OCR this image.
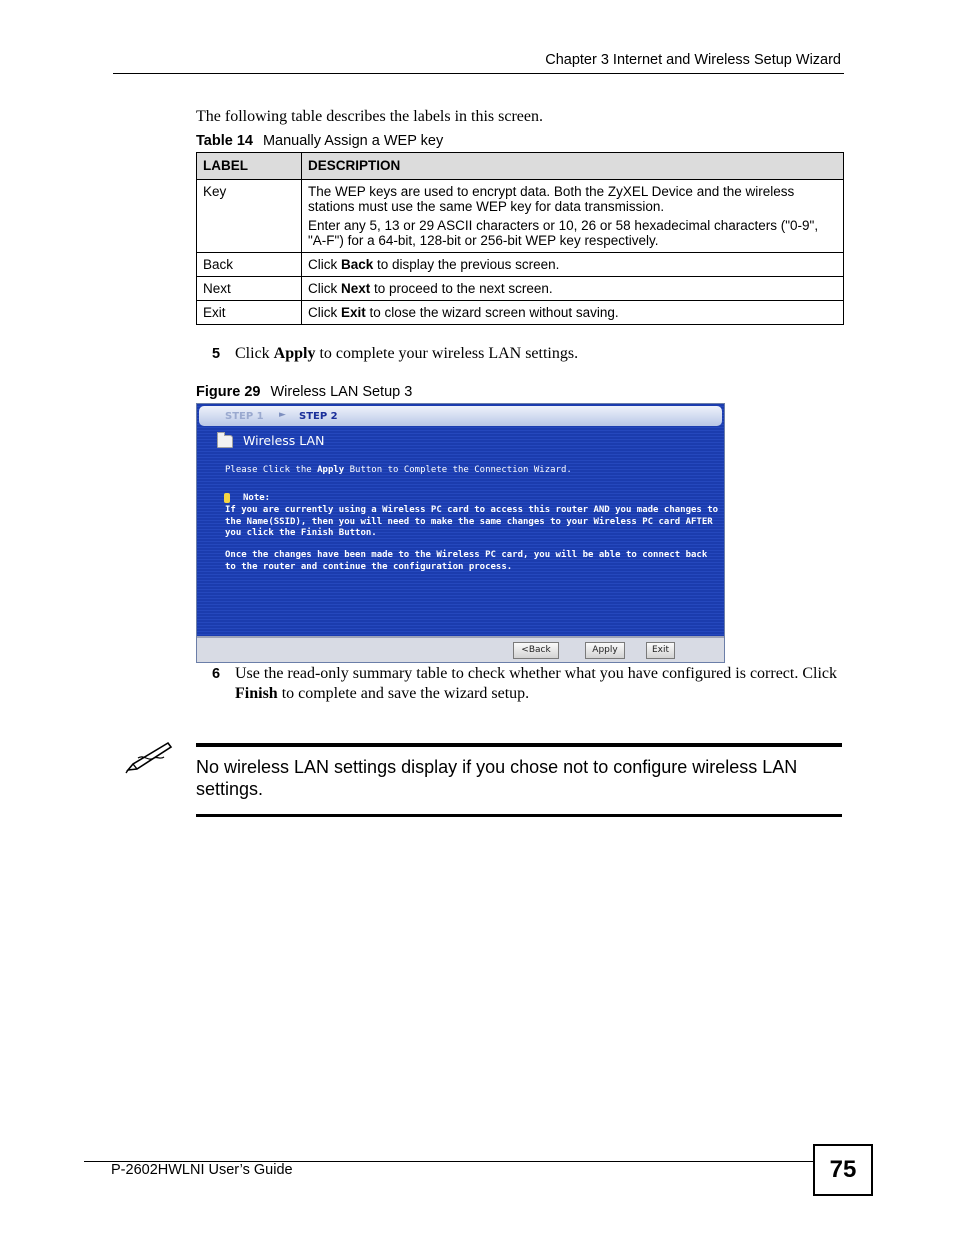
Chapter 3 Internet and Wireless Setup Wizard
The following table describes the labels in this screen.
Table 14 Manually Assign a WEP key
LABEL	DESCRIPTION
Key	The WEP keys are used to encrypt data. Both the ZyXEL Device and the wireless stations must use the same WEP key for data transmission.

Enter any 5, 13 or 29 ASCII characters or 10, 26 or 58 hexadecimal characters ("0-9", "A-F") for a 64-bit, 128-bit or 256-bit WEP key respectively.

Back	Click Back to display the previous screen.
Next	Click Next to proceed to the next screen.
Exit	Click Exit to close the wizard screen without saving.
5 Click Apply to complete your wireless LAN settings.
Figure 29 Wireless LAN Setup 3
STEP 1 ► STEP 2
Wireless LAN
Please Click the Apply Button to Complete the Connection Wizard.
Note:
If you are currently using a Wireless PC card to access this router AND you made changes to the Name(SSID), then you will need to make the same changes to your Wireless PC card AFTER you click the Finish Button.
Once the changes have been made to the Wireless PC card, you will be able to connect back to the router and continue the configuration process.
<Back	Apply	Exit
6 Use the read-only summary table to check whether what you have configured is correct. Click Finish to complete and save the wizard setup.
No wireless LAN settings display if you chose not to configure wireless LAN settings.
P-2602HWLNI User’s Guide	75
